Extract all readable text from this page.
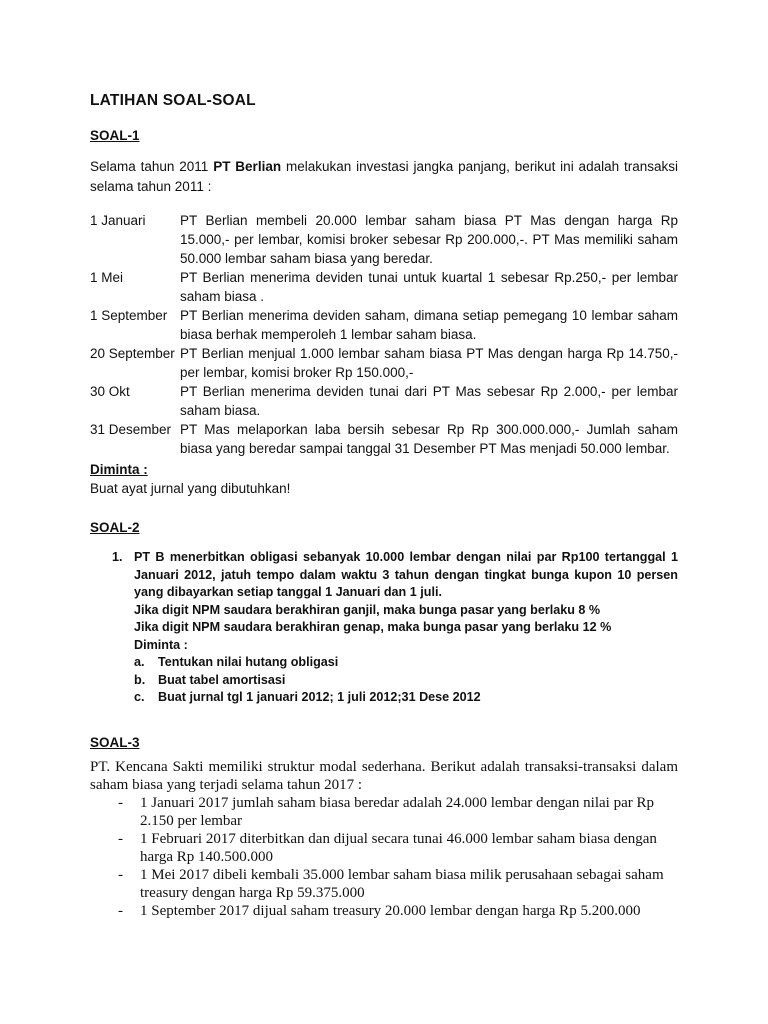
LATIHAN SOAL-SOAL
SOAL-1
Selama tahun 2011 PT Berlian melakukan investasi jangka panjang, berikut ini adalah transaksi selama tahun 2011 :
1 Januari	PT Berlian membeli 20.000 lembar saham biasa PT Mas dengan harga Rp 15.000,- per lembar, komisi broker sebesar Rp 200.000,-. PT Mas memiliki saham 50.000 lembar saham biasa yang beredar.
1 Mei	PT Berlian menerima deviden tunai untuk kuartal 1 sebesar Rp.250,- per lembar saham biasa .
1 September PT Berlian menerima deviden saham, dimana setiap pemegang 10 lembar saham biasa berhak memperoleh 1 lembar saham biasa.
20 September PT Berlian menjual 1.000 lembar saham biasa PT Mas dengan harga Rp 14.750,- per lembar, komisi broker Rp 150.000,-
30 Okt	PT Berlian menerima deviden tunai dari PT Mas sebesar Rp 2.000,- per lembar saham biasa.
31 Desember PT Mas melaporkan laba bersih sebesar Rp Rp 300.000.000,- Jumlah saham biasa yang beredar sampai tanggal 31 Desember PT Mas menjadi 50.000 lembar.
Diminta :
Buat ayat jurnal yang dibutuhkan!
SOAL-2
1. PT B menerbitkan obligasi sebanyak 10.000 lembar dengan nilai par Rp100 tertanggal 1 Januari 2012, jatuh tempo dalam waktu 3 tahun dengan tingkat bunga kupon 10 persen yang dibayarkan setiap tanggal 1 Januari dan 1 juli.
Jika digit NPM saudara berakhiran ganjil, maka bunga pasar yang berlaku 8 %
Jika digit NPM saudara berakhiran genap, maka bunga pasar yang berlaku 12 %
Diminta :
a.	Tentukan nilai hutang obligasi
b.	Buat tabel amortisasi
c.	Buat jurnal tgl 1 januari 2012; 1 juli 2012;31 Dese 2012
SOAL-3
PT. Kencana Sakti memiliki struktur modal sederhana. Berikut adalah transaksi-transaksi dalam saham biasa yang terjadi selama tahun 2017 :
-	1 Januari 2017 jumlah saham biasa beredar adalah 24.000 lembar dengan nilai par Rp 2.150 per lembar
-	1 Februari 2017 diterbitkan dan dijual secara tunai 46.000 lembar saham biasa dengan harga Rp 140.500.000
-	1 Mei 2017 dibeli kembali 35.000 lembar saham biasa milik perusahaan sebagai saham treasury dengan harga Rp 59.375.000
-	1 September 2017 dijual saham treasury 20.000 lembar dengan harga Rp 5.200.000
